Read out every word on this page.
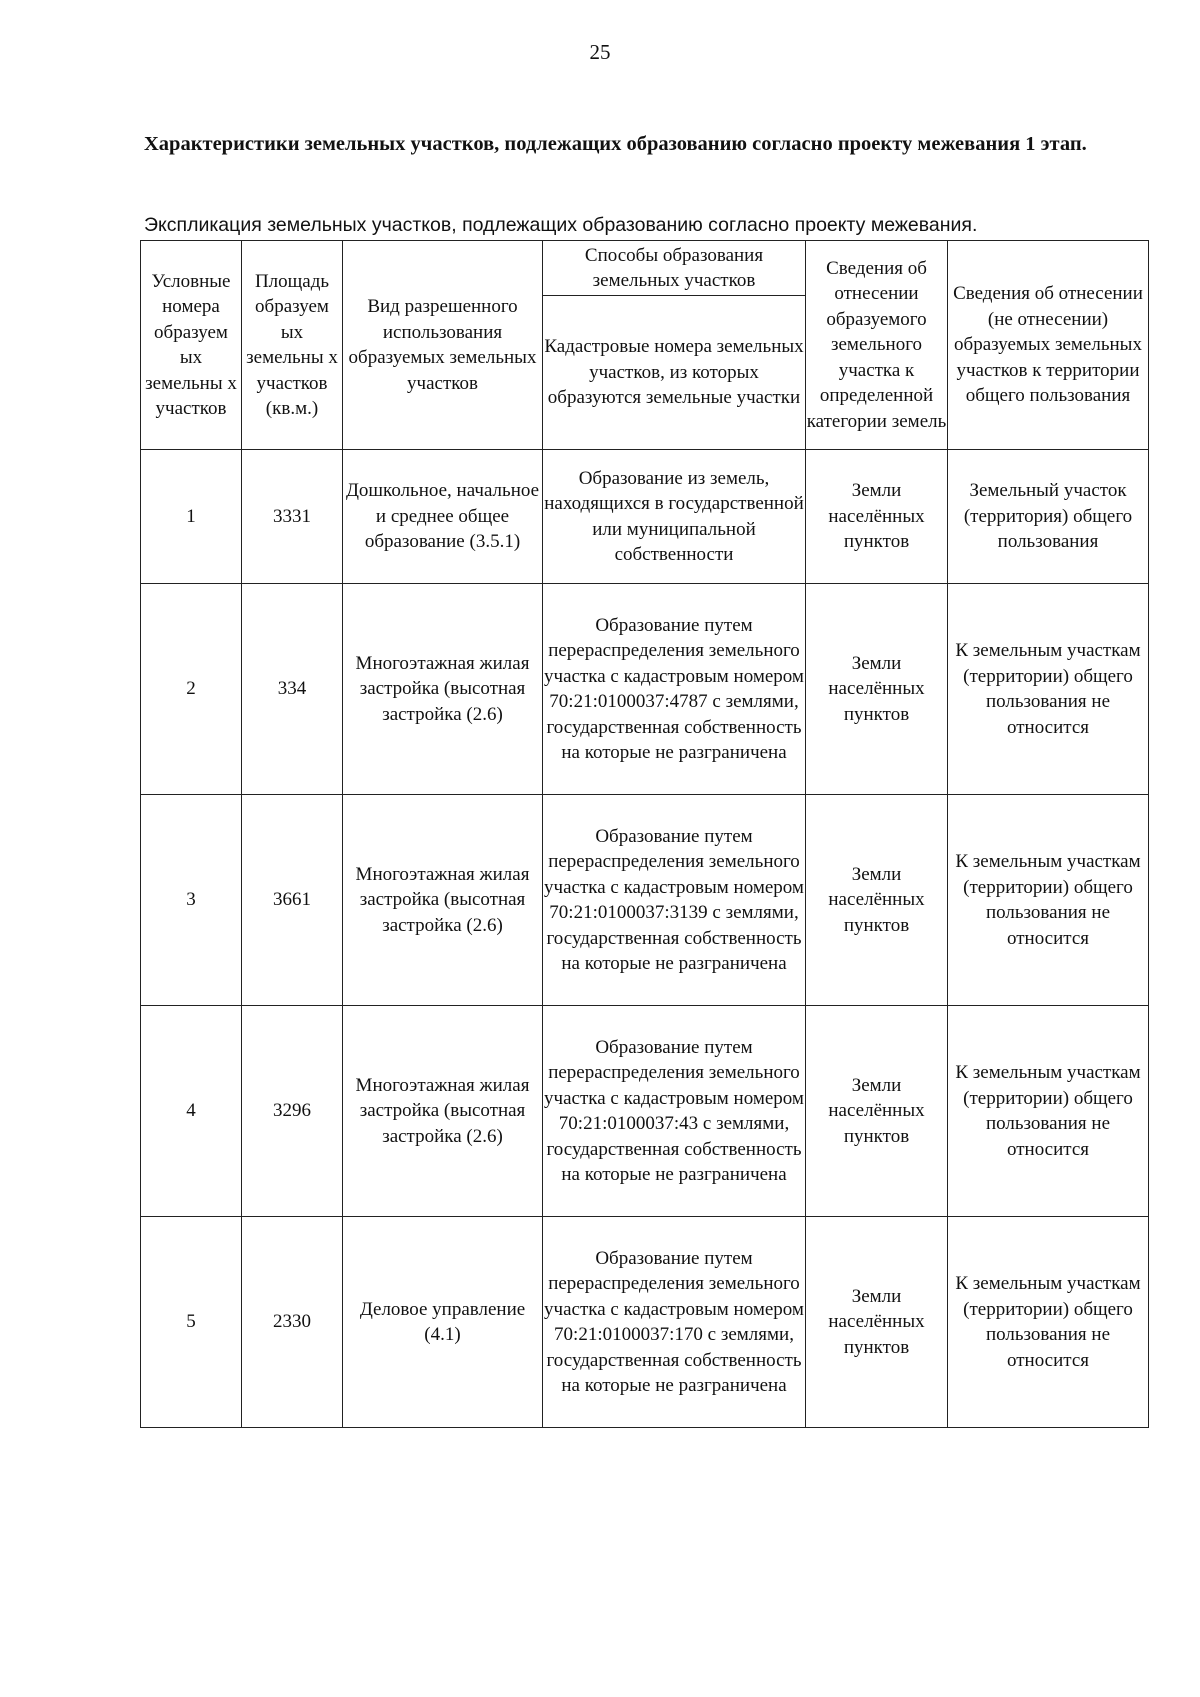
25
Характеристики земельных участков, подлежащих образованию согласно проекту межевания 1 этап.
Экспликация земельных участков, подлежащих образованию согласно проекту межевания.
Условные номера образуем ых земельны х участков	Площадь образуем ых земельны х участков (кв.м.)	Вид разрешенного использования образуемых земельных участков	Способы образования земельных участков	Сведения об отнесении образуемого земельного участка к определенной категории земель	Сведения об отнесении (не отнесении) образуемых земельных участков к территории общего пользования
			Кадастровые номера земельных участков, из которых образуются земельные участки		
1	3331	Дошкольное, начальное и среднее общее образование (3.5.1)	Образование из земель, находящихся в государственной или муниципальной собственности	Земли населённых пунктов	Земельный участок (территория) общего пользования
2	334	Многоэтажная жилая застройка (высотная застройка (2.6)	Образование путем перераспределения земельного участка с кадастровым номером 70:21:0100037:4787 с землями, государственная собственность на которые не разграничена	Земли населённых пунктов	К земельным участкам (территории) общего пользования не относится
3	3661	Многоэтажная жилая застройка (высотная застройка (2.6)	Образование путем перераспределения земельного участка с кадастровым номером 70:21:0100037:3139 с землями, государственная собственность на которые не разграничена	Земли населённых пунктов	К земельным участкам (территории) общего пользования не относится
4	3296	Многоэтажная жилая застройка (высотная застройка (2.6)	Образование путем перераспределения земельного участка с кадастровым номером 70:21:0100037:43 с землями, государственная собственность на которые не разграничена	Земли населённых пунктов	К земельным участкам (территории) общего пользования не относится
5	2330	Деловое управление (4.1)	Образование путем перераспределения земельного участка с кадастровым номером 70:21:0100037:170 с землями, государственная собственность на которые не разграничена	Земли населённых пунктов	К земельным участкам (территории) общего пользования не относится
